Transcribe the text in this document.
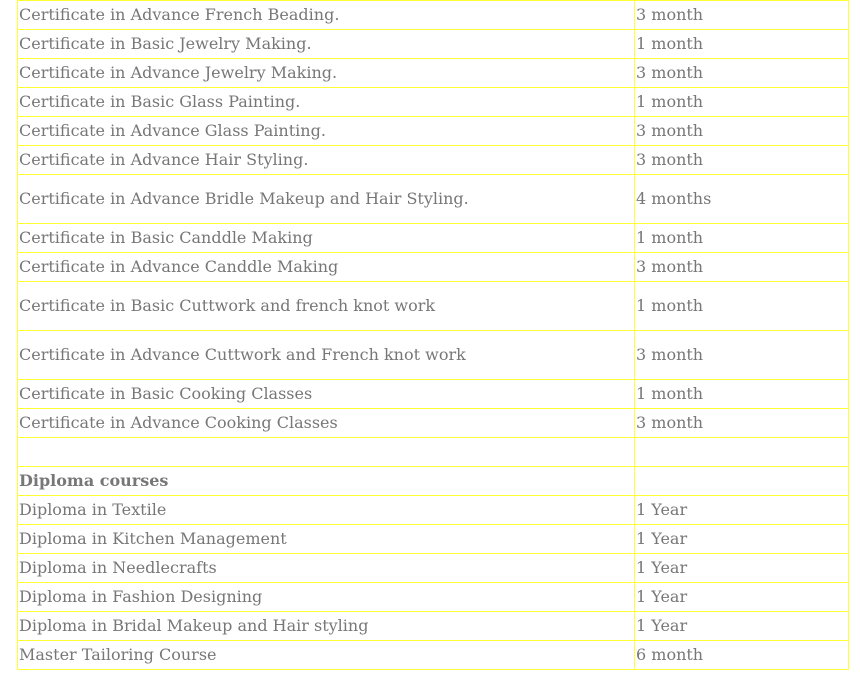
Certificate in Advance French Beading.	3 month
Certificate in Basic Jewelry Making.	1 month
Certificate in Advance Jewelry Making.	3 month
Certificate in Basic Glass Painting.	1 month
Certificate in Advance Glass Painting.	3 month
Certificate in Advance Hair Styling.	3 month
Certificate in Advance Bridle Makeup and Hair Styling.	4 months
Certificate in Basic Canddle Making	1 month
Certificate in Advance Canddle Making	3 month
Certificate in Basic Cuttwork and french knot work	1 month
Certificate in Advance Cuttwork and French knot work	3 month
Certificate in Basic Cooking Classes	1 month
Certificate in Advance Cooking Classes	3 month

Diploma courses	
Diploma in Textile	1 Year
Diploma in Kitchen Management	1 Year
Diploma in Needlecrafts	1 Year
Diploma in Fashion Designing	1 Year
Diploma in Bridal Makeup and Hair styling	1 Year
Master Tailoring Course	6 month
